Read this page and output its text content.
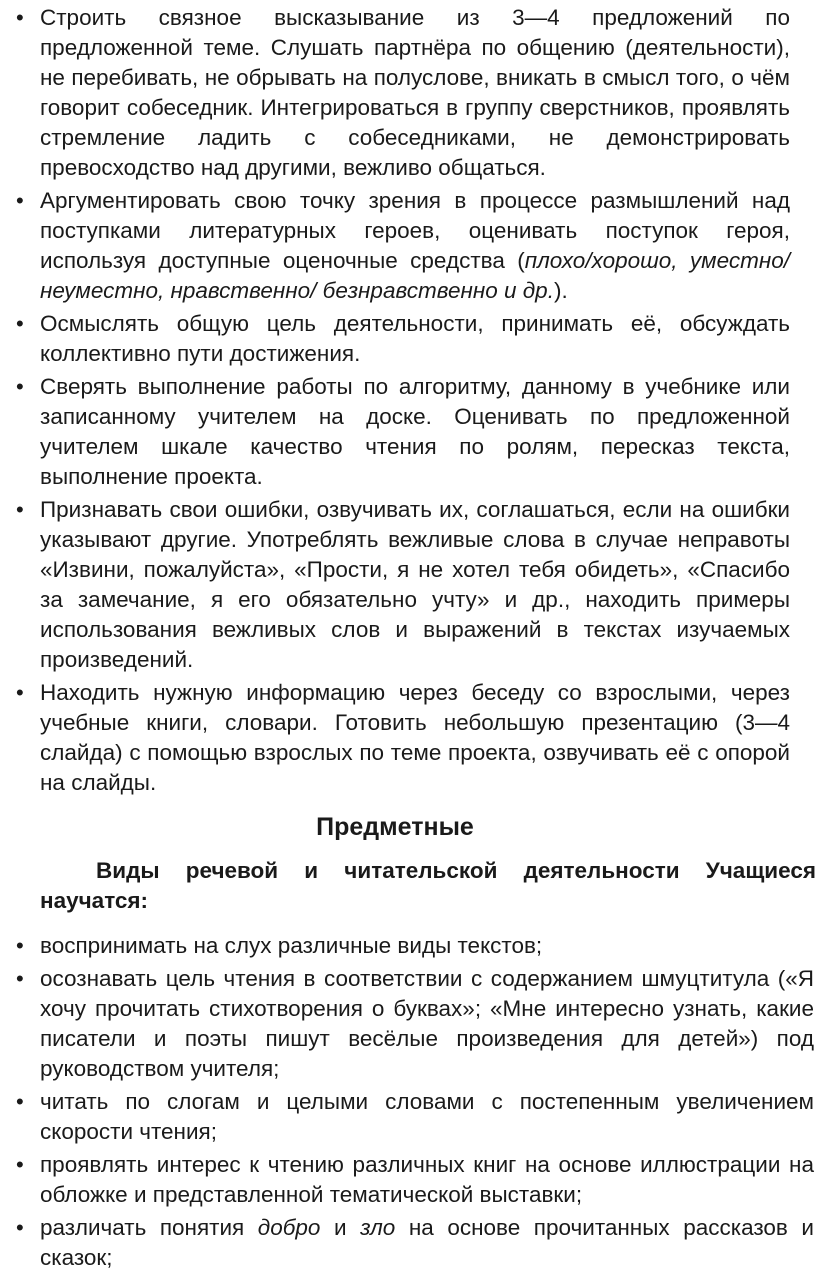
• Строить связное высказывание из 3—4 предложений по предложенной теме. Слушать партнёра по общению (деятельности), не перебивать, не обрывать на полуслове, вникать в смысл того, о чём говорит собеседник. Интегрироваться в группу сверстников, проявлять стремление ладить с собеседниками, не демонстрировать превосходство над другими, вежливо общаться.
• Аргументировать свою точку зрения в процессе размышлений над поступками литературных героев, оценивать поступок героя, используя доступные оценочные средства (плохо/хорошо, уместно/неуместно, нравственно/ безнравственно и др.).
• Осмыслять общую цель деятельности, принимать её, обсуждать коллективно пути достижения.
• Сверять выполнение работы по алгоритму, данному в учебнике или записанному учителем на доске. Оценивать по предложенной учителем шкале качество чтения по ролям, пересказ текста, выполнение проекта.
• Признавать свои ошибки, озвучивать их, соглашаться, если на ошибки указывают другие. Употреблять вежливые слова в случае неправоты «Извини, пожалуйста», «Прости, я не хотел тебя обидеть», «Спасибо за замечание, я его обязательно учту» и др., находить примеры использования вежливых слов и выражений в текстах изучаемых произведений.
• Находить нужную информацию через беседу со взрослыми, через учебные книги, словари. Готовить небольшую презентацию (3—4 слайда) с помощью взрослых по теме проекта, озвучивать её с опорой на слайды.
Предметные

Виды речевой и читательской деятельности Учащиеся
научатся:

• воспринимать на слух различные виды текстов;
• осознавать цель чтения в соответствии с содержанием шмуцтитула («Я хочу прочитать стихотворения о буквах»; «Мне интересно узнать, какие писатели и поэты пишут весёлые произведения для детей») под руководством учителя;
• читать по слогам и целыми словами с постепенным увеличением скорости чтения;
• проявлять интерес к чтению различных книг на основе иллюстрации на обложке и представленной тематической выставки;
• различать понятия добро и зло на основе прочитанных рассказов и сказок;
